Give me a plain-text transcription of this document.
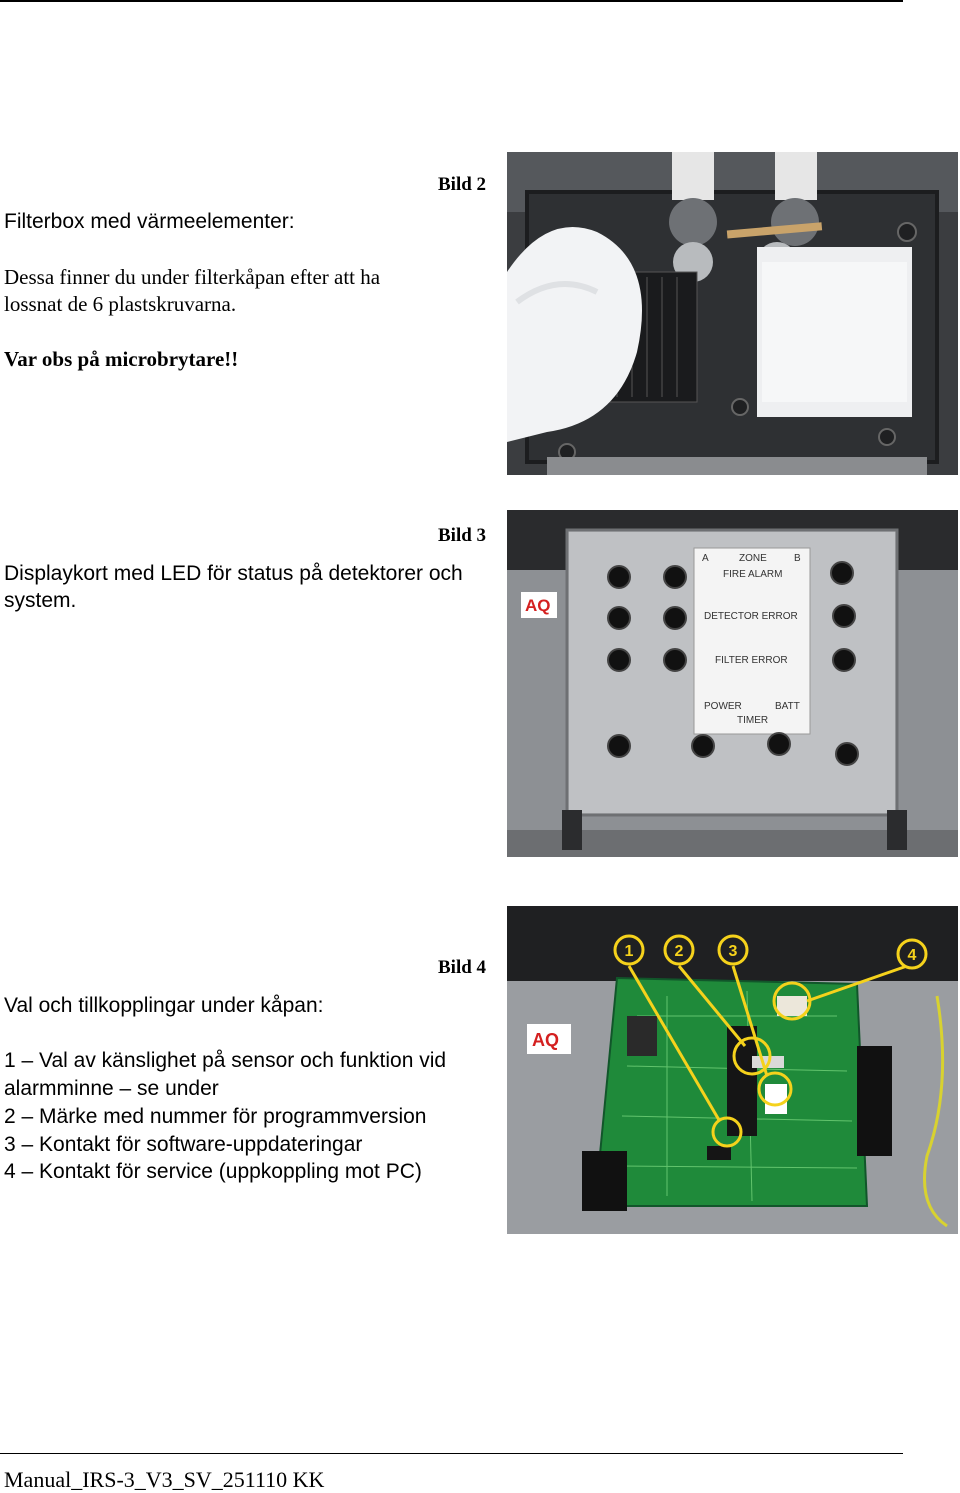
Bild 2
Filterbox med värmeelementer:
Dessa finner du under filterkåpan efter att ha
lossnat de 6 plastskruvarna.
Var obs på microbrytare!!
Bild 3
Displaykort med LED för status på detektorer och
system.
A	ZONE	B
FIRE ALARM
DETECTOR ERROR
FILTER ERROR
POWER	BATT
TIMER
AQ
Bild 4
Val och tillkopplingar under kåpan:
1 – Val av känslighet på sensor och funktion vid
alarmminne – se under
2 – Märke med nummer för programmversion
3 – Kontakt för software-uppdateringar
4 – Kontakt för service (uppkoppling mot PC)
1	2	3	4
AQ
Manual_IRS-3_V3_SV_251110 KK
